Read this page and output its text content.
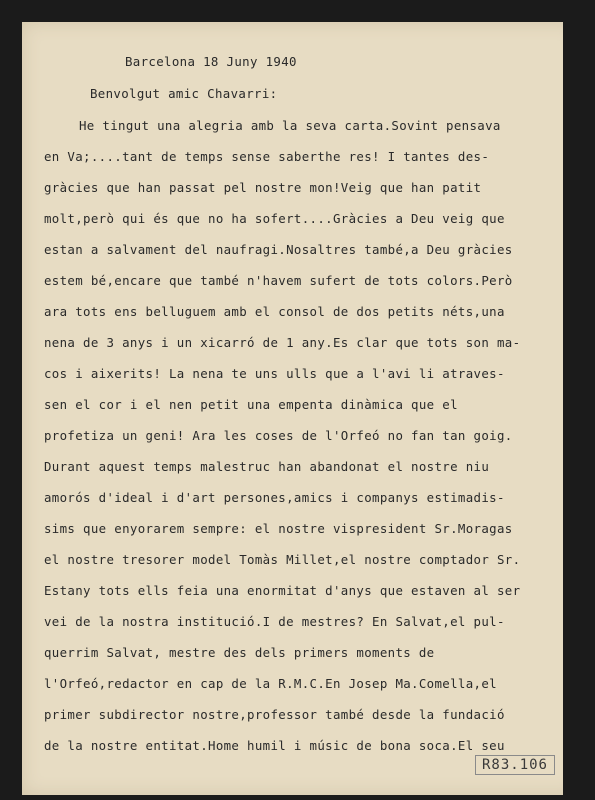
Barcelona 18 Juny 1940

Benvolgut amic Chavarri:

He tingut una alegria amb la seva carta.Sovint pensava

en Va;....tant de temps sense saberthe res! I tantes des-

gràcies que han passat pel nostre mon!Veig que han patit

molt,però qui és que no ha sofert....Gràcies a Deu veig que

estan a salvament del naufragi.Nosaltres també,a Deu gràcies

estem bé,encare que també n'havem sufert de tots colors.Però

ara tots ens belluguem amb el consol de dos petits néts,una

nena de 3 anys i un xicarró de 1 any.Es clar que tots son ma-

cos i aixerits! La nena te uns ulls que a l'avi li atraves-

sen el cor i el nen petit una empenta dinàmica que el

profetiza un geni! Ara les coses de l'Orfeó no fan tan goig.

Durant aquest temps malestruc han abandonat el nostre niu

amorós d'ideal i d'art persones,amics i companys estimadis-

sims que enyorarem sempre: el nostre vispresident Sr.Moragas

el nostre tresorer model Tomàs Millet,el nostre comptador Sr.

Estany tots ells feia una enormitat d'anys que estaven al ser

vei de la nostra institució.I de mestres? En Salvat,el pul-

querrim Salvat, mestre des dels primers moments de

l'Orfeó,redactor en cap de la R.M.C.En Josep Ma.Comella,el

primer subdirector nostre,professor també desde la fundació

de la nostre entitat.Home humil i músic de bona soca.El seu

R83.106
